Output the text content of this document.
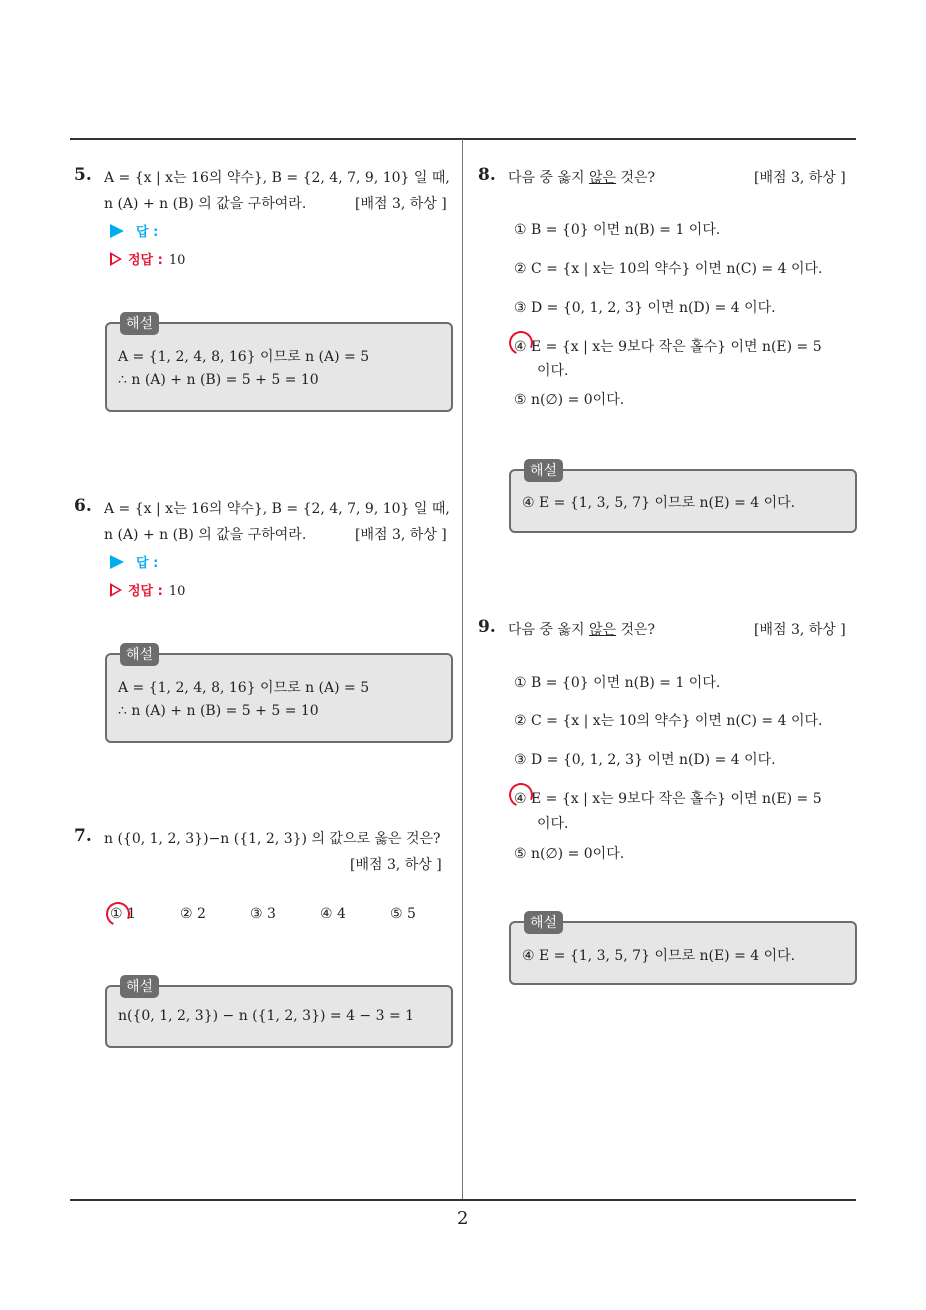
5. A = {x | x는 16의 약수}, B = {2, 4, 7, 9, 10} 일 때,
n (A) + n (B) 의 값을 구하여라.	[배점 3, 하상 ]
답 :
정답 : 10
해설
A = {1, 2, 4, 8, 16} 이므로 n (A) = 5
∴ n (A) + n (B) = 5 + 5 = 10
6. A = {x | x는 16의 약수}, B = {2, 4, 7, 9, 10} 일 때,
n (A) + n (B) 의 값을 구하여라.	[배점 3, 하상 ]
답 :
정답 : 10
해설
A = {1, 2, 4, 8, 16} 이므로 n (A) = 5
∴ n (A) + n (B) = 5 + 5 = 10
7. n ({0, 1, 2, 3})−n ({1, 2, 3}) 의 값으로 옳은 것은?
[배점 3, 하상 ]
① 1	② 2	③ 3	④ 4	⑤ 5
해설
n({0, 1, 2, 3}) − n ({1, 2, 3}) = 4 − 3 = 1
8. 다음 중 옳지 않은 것은?	[배점 3, 하상 ]
① B = {0} 이면 n(B) = 1 이다.
② C = {x | x는 10의 약수} 이면 n(C) = 4 이다.
③ D = {0, 1, 2, 3} 이면 n(D) = 4 이다.
④ E = {x | x는 9보다 작은 홀수} 이면 n(E) = 5
이다.
⑤ n(∅) = 0이다.
해설
④ E = {1, 3, 5, 7} 이므로 n(E) = 4 이다.
9. 다음 중 옳지 않은 것은?	[배점 3, 하상 ]
① B = {0} 이면 n(B) = 1 이다.
② C = {x | x는 10의 약수} 이면 n(C) = 4 이다.
③ D = {0, 1, 2, 3} 이면 n(D) = 4 이다.
④ E = {x | x는 9보다 작은 홀수} 이면 n(E) = 5
이다.
⑤ n(∅) = 0이다.
해설
④ E = {1, 3, 5, 7} 이므로 n(E) = 4 이다.
2
